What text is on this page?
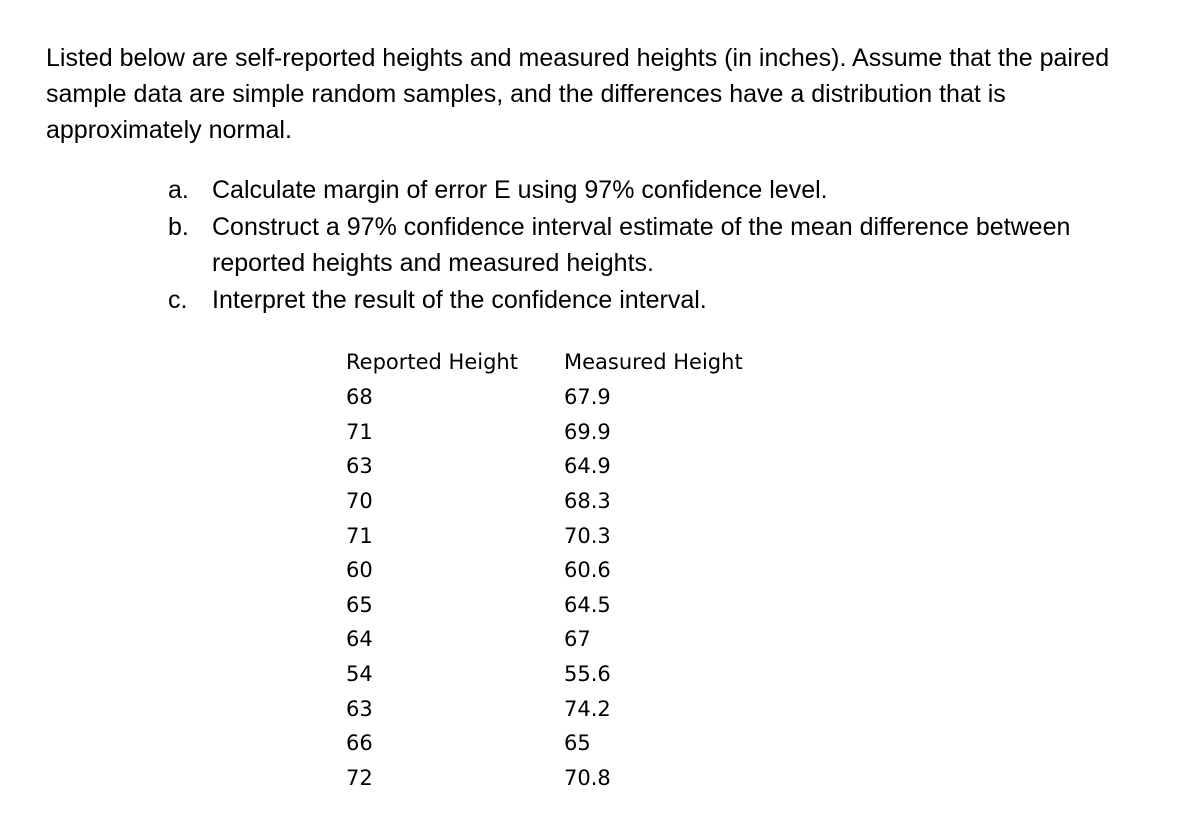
Listed below are self-reported heights and measured heights (in inches). Assume that the paired sample data are simple random samples, and the differences have a distribution that is approximately normal.

a. Calculate margin of error E using 97% confidence level.
b. Construct a 97% confidence interval estimate of the mean difference between reported heights and measured heights.
c. Interpret the result of the confidence interval.
Reported Height	Measured Height
68	67.9
71	69.9
63	64.9
70	68.3
71	70.3
60	60.6
65	64.5
64	67
54	55.6
63	74.2
66	65
72	70.8
